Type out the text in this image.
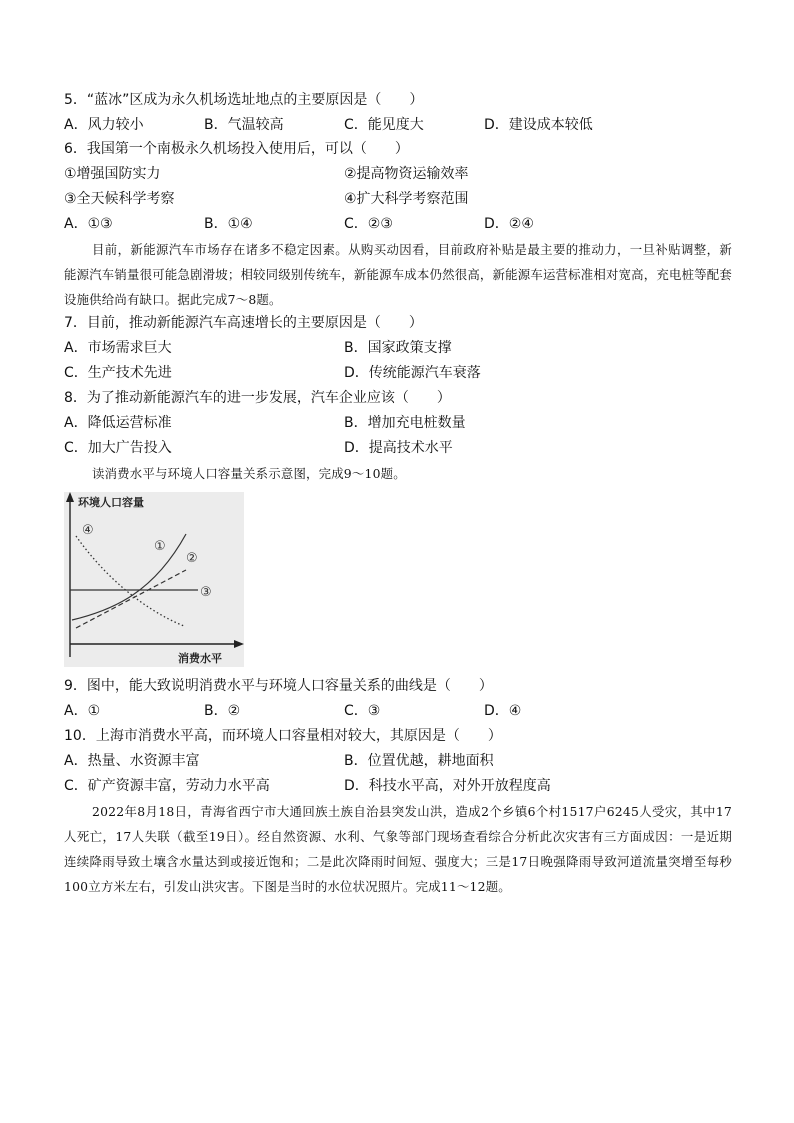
5．“蓝冰”区成为永久机场选址地点的主要原因是（　　）
A．风力较小	B．气温较高	C．能见度大	D．建设成本较低
6．我国第一个南极永久机场投入使用后，可以（　　）
①增强国防实力	②提高物资运输效率
③全天候科学考察	④扩大科学考察范围
A．①③	B．①④	C．②③	D．②④
目前，新能源汽车市场存在诸多不稳定因素。从购买动因看，目前政府补贴是最主要的推动力，一旦补贴调整，新能源汽车销量很可能急剧滑坡；相较同级别传统车，新能源车成本仍然很高，新能源车运营标准相对宽高，充电桩等配套设施供给尚有缺口。据此完成7～8题。
7．目前，推动新能源汽车高速增长的主要原因是（　　）
A．市场需求巨大	B．国家政策支撑
C．生产技术先进	D．传统能源汽车衰落
8．为了推动新能源汽车的进一步发展，汽车企业应该（　　）
A．降低运营标准	B．增加充电桩数量
C．加大广告投入	D．提高技术水平
读消费水平与环境人口容量关系示意图，完成9～10题。
环境人口容量
消费水平
①
②
③
④
9．图中，能大致说明消费水平与环境人口容量关系的曲线是（　　）
A．①	B．②	C．③	D．④
10．上海市消费水平高，而环境人口容量相对较大，其原因是（　　）
A．热量、水资源丰富	B．位置优越，耕地面积
C．矿产资源丰富，劳动力水平高	D．科技水平高，对外开放程度高
2022年8月18日，青海省西宁市大通回族土族自治县突发山洪，造成2个乡镇6个村1517户6245人受灾，其中17人死亡，17人失联（截至19日）。经自然资源、水利、气象等部门现场查看综合分析此次灾害有三方面成因：一是近期连续降雨导致土壤含水量达到或接近饱和；二是此次降雨时间短、强度大；三是17日晚强降雨导致河道流量突增至每秒100立方米左右，引发山洪灾害。下图是当时的水位状况照片。完成11～12题。
